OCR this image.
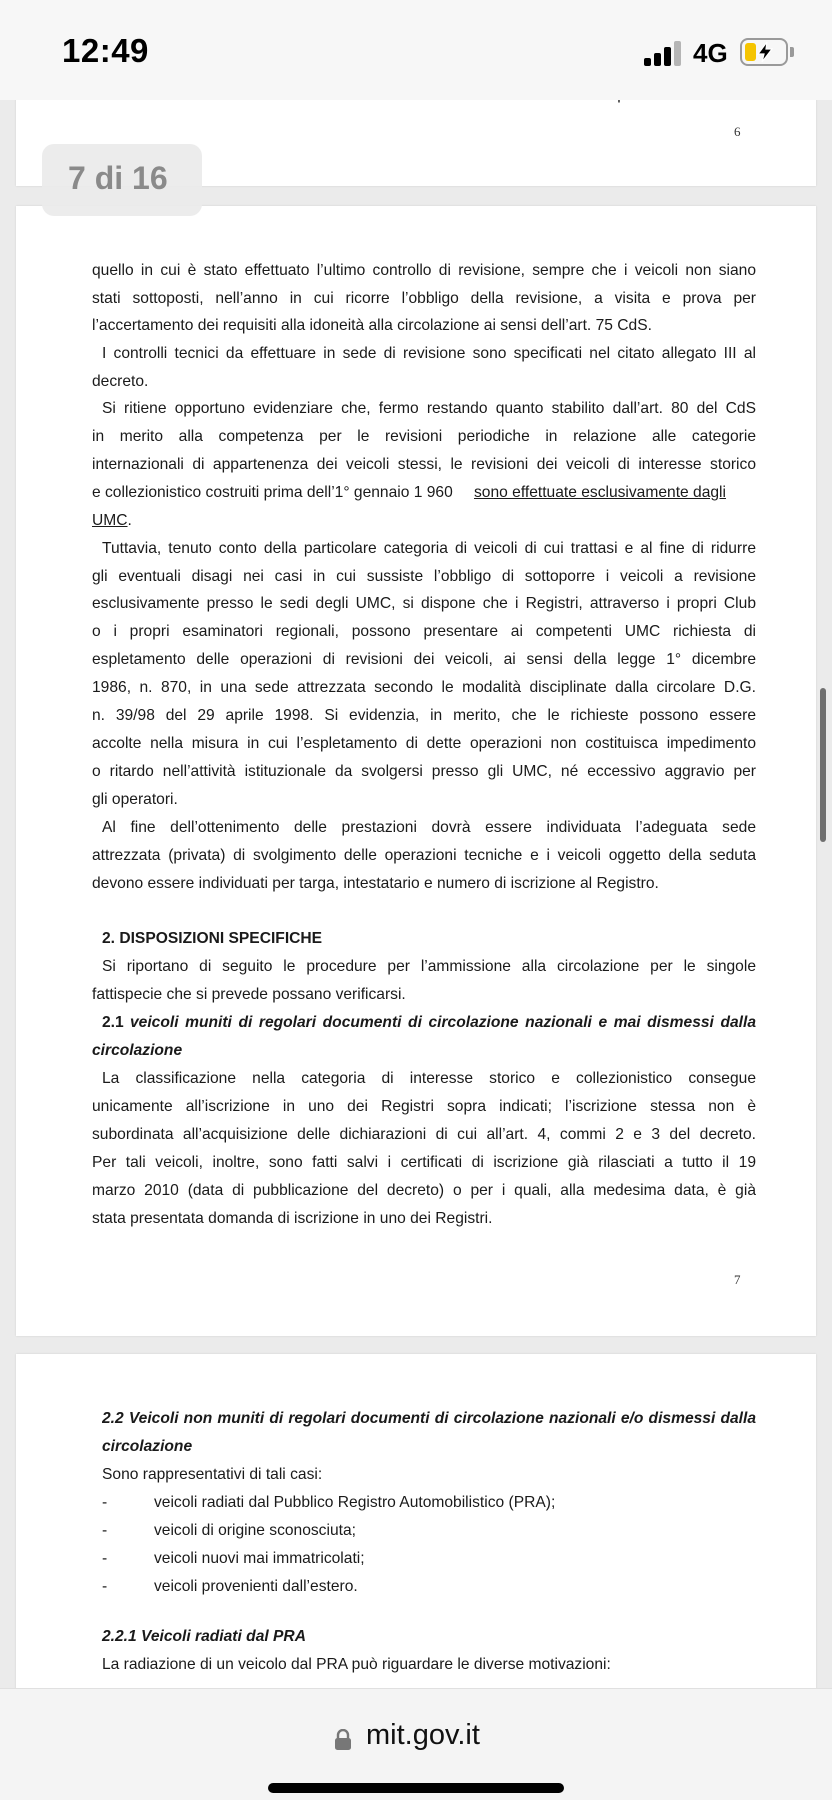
12:49	4G
6
7 di 16
quello in cui è stato effettuato l’ultimo controllo di revisione, sempre che i veicoli non siano
stati sottoposti, nell’anno in cui ricorre l’obbligo della revisione, a visita e prova per
l’accertamento dei requisiti alla idoneità alla circolazione ai sensi dell’art. 75 CdS.
I controlli tecnici da effettuare in sede di revisione sono specificati nel citato allegato III al
decreto.
Si ritiene opportuno evidenziare che, fermo restando quanto stabilito dall’art. 80 del CdS
in merito alla competenza per le revisioni periodiche in relazione alle categorie
internazionali di appartenenza dei veicoli stessi, le revisioni dei veicoli di interesse storico
e collezionistico costruiti prima dell’1° gennaio 1 960 sono effettuate esclusivamente dagli
UMC.
Tuttavia, tenuto conto della particolare categoria di veicoli di cui trattasi e al fine di ridurre
gli eventuali disagi nei casi in cui sussiste l’obbligo di sottoporre i veicoli a revisione
esclusivamente presso le sedi degli UMC, si dispone che i Registri, attraverso i propri Club
o i propri esaminatori regionali, possono presentare ai competenti UMC richiesta di
espletamento delle operazioni di revisioni dei veicoli, ai sensi della legge 1° dicembre
1986, n. 870, in una sede attrezzata secondo le modalità disciplinate dalla circolare D.G.
n. 39/98 del 29 aprile 1998. Si evidenzia, in merito, che le richieste possono essere
accolte nella misura in cui l’espletamento di dette operazioni non costituisca impedimento
o ritardo nell’attività istituzionale da svolgersi presso gli UMC, né eccessivo aggravio per
gli operatori.
Al fine dell’ottenimento delle prestazioni dovrà essere individuata l’adeguata sede
attrezzata (privata) di svolgimento delle operazioni tecniche e i veicoli oggetto della seduta
devono essere individuati per targa, intestatario e numero di iscrizione al Registro.
2. DISPOSIZIONI SPECIFICHE
Si riportano di seguito le procedure per l’ammissione alla circolazione per le singole
fattispecie che si prevede possano verificarsi.
2.1 veicoli muniti di regolari documenti di circolazione nazionali e mai dismessi dalla
circolazione
La classificazione nella categoria di interesse storico e collezionistico consegue
unicamente all’iscrizione in uno dei Registri sopra indicati; l’iscrizione stessa non è
subordinata all’acquisizione delle dichiarazioni di cui all’art. 4, commi 2 e 3 del decreto.
Per tali veicoli, inoltre, sono fatti salvi i certificati di iscrizione già rilasciati a tutto il 19
marzo 2010 (data di pubblicazione del decreto) o per i quali, alla medesima data, è già
stata presentata domanda di iscrizione in uno dei Registri.
7
2.2 Veicoli non muniti di regolari documenti di circolazione nazionali e/o dismessi dalla
circolazione
Sono rappresentativi di tali casi:
-	veicoli radiati dal Pubblico Registro Automobilistico (PRA);
-	veicoli di origine sconosciuta;
-	veicoli nuovi mai immatricolati;
-	veicoli provenienti dall’estero.
2.2.1 Veicoli radiati dal PRA
La radiazione di un veicolo dal PRA può riguardare le diverse motivazioni:
mit.gov.it
